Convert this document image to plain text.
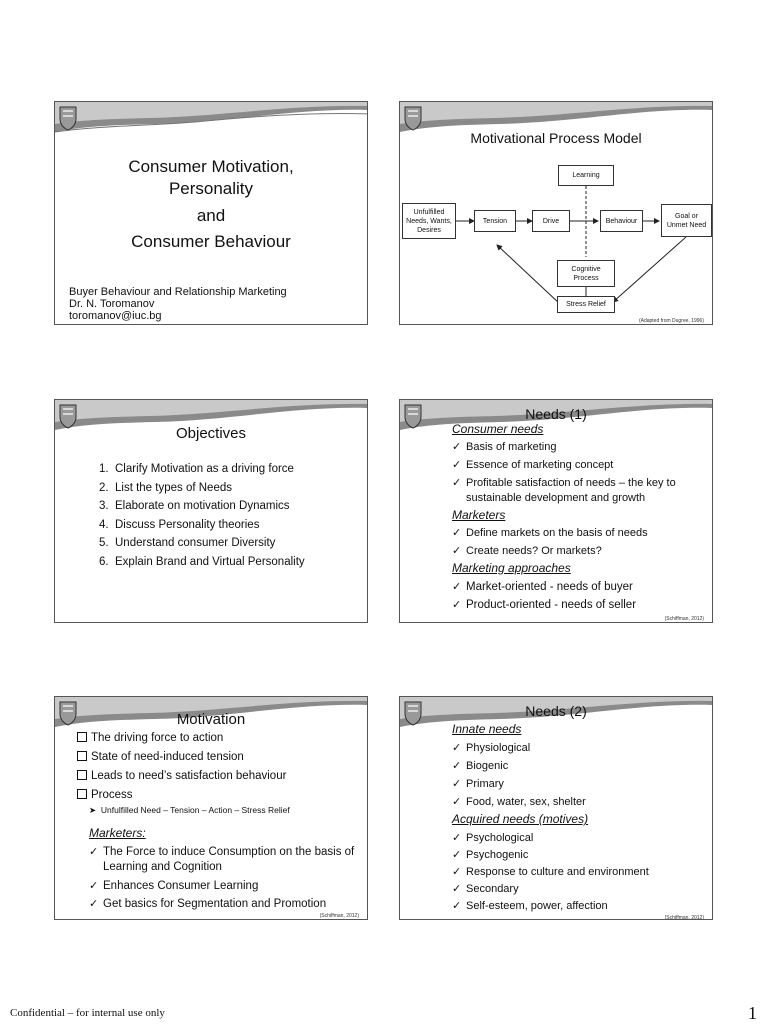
Consumer Motivation,
Personality
and
Consumer Behaviour
Buyer Behaviour and Relationship Marketing
Dr. N. Toromanov
toromanov@iuc.bg
Motivational Process Model
Learning
Unfulfilled
Needs, Wants,
Desires
Tension	Drive	Behaviour
Goal or
Unmet Need
Cognitive
Process
Stress Relief
(Adapted from Dugree, 1996)
Objectives
1. Clarify Motivation as a driving force
2. List the types of Needs
3. Elaborate on motivation Dynamics
4. Discuss Personality theories
5. Understand consumer Diversity
6. Explain Brand and Virtual Personality
Needs (1)
Consumer needs
✓ Basis of marketing
✓ Essence of marketing concept
✓ Profitable satisfaction of needs – the key to sustainable development and growth
Marketers
✓ Define markets on the basis of needs
✓ Create needs? Or markets?
Marketing approaches
✓ Market-oriented - needs of buyer
✓ Product-oriented - needs of seller
(Schiffman, 2012)
Motivation
The driving force to action
State of need-induced tension
Leads to need’s satisfaction behaviour
Process
➤ Unfulfilled Need – Tension – Action – Stress Relief
Marketers:
✓ The Force to induce Consumption on the basis of Learning and Cognition
✓ Enhances Consumer Learning
✓ Get basics for Segmentation and Promotion
(Schiffman, 2012)
Needs (2)
Innate needs
✓ Physiological
✓ Biogenic
✓ Primary
✓ Food, water, sex, shelter
Acquired needs (motives)
✓ Psychological
✓ Psychogenic
✓ Response to culture and environment
✓ Secondary
✓ Self-esteem, power, affection
(Schiffman, 2012)
Confidential – for internal use only	1
